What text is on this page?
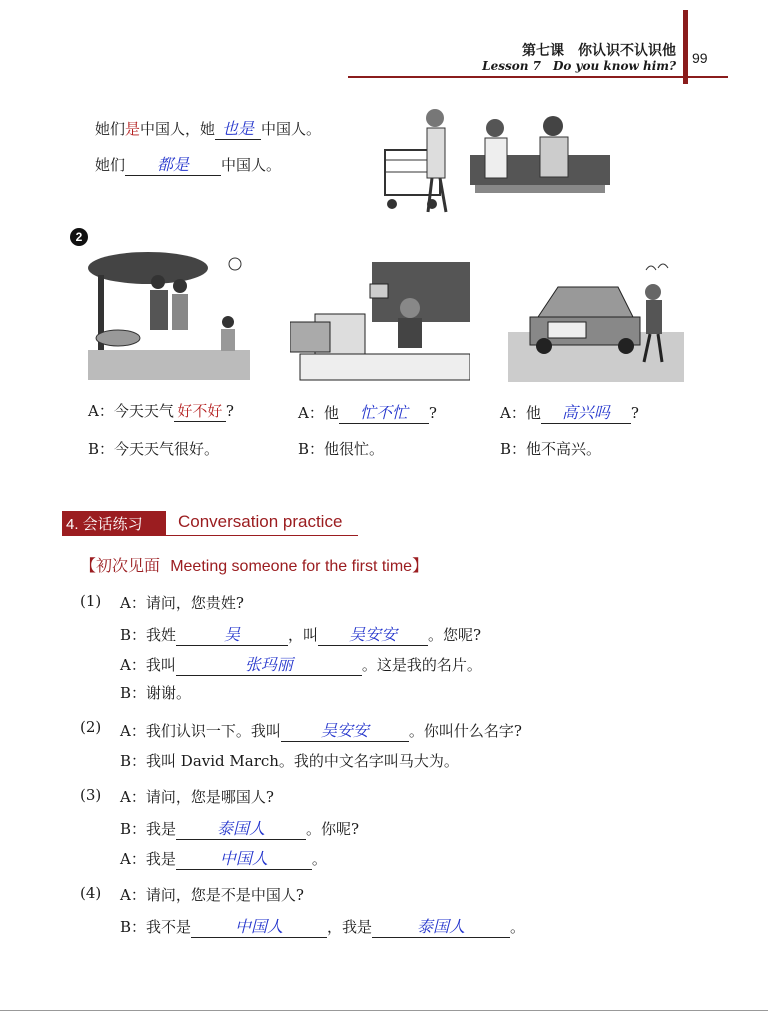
第七课　你认识不认识他
Lesson 7　Do you know him? 99
她们是中国人，她 也是 中国人。
她们 都是 中国人。
2
A：今天天气 好不好 ?
B：今天天气很好。
A：他 忙不忙 ?
B：他很忙。
A：他 高兴吗 ?
B：他不高兴。
4. 会话练习 Conversation practice
【初次见面 Meeting someone for the first time】
(1) A：请问，您贵姓?
B：我姓	吴	，叫 吴安安 。您呢?
A：我叫	张玛丽	。这是我的名片。
B：谢谢。
(2) A：我们认识一下。我叫 吴安安	。你叫什么名字?
B：我叫 David March。我的中文名字叫马大为。
(3) A：请问，您是哪国人?
B：我是	泰国人	。你呢?
A：我是	中国人	。
(4) A：请问，您是不是中国人?
B：我不是	中国人	，我是	泰国人	。
